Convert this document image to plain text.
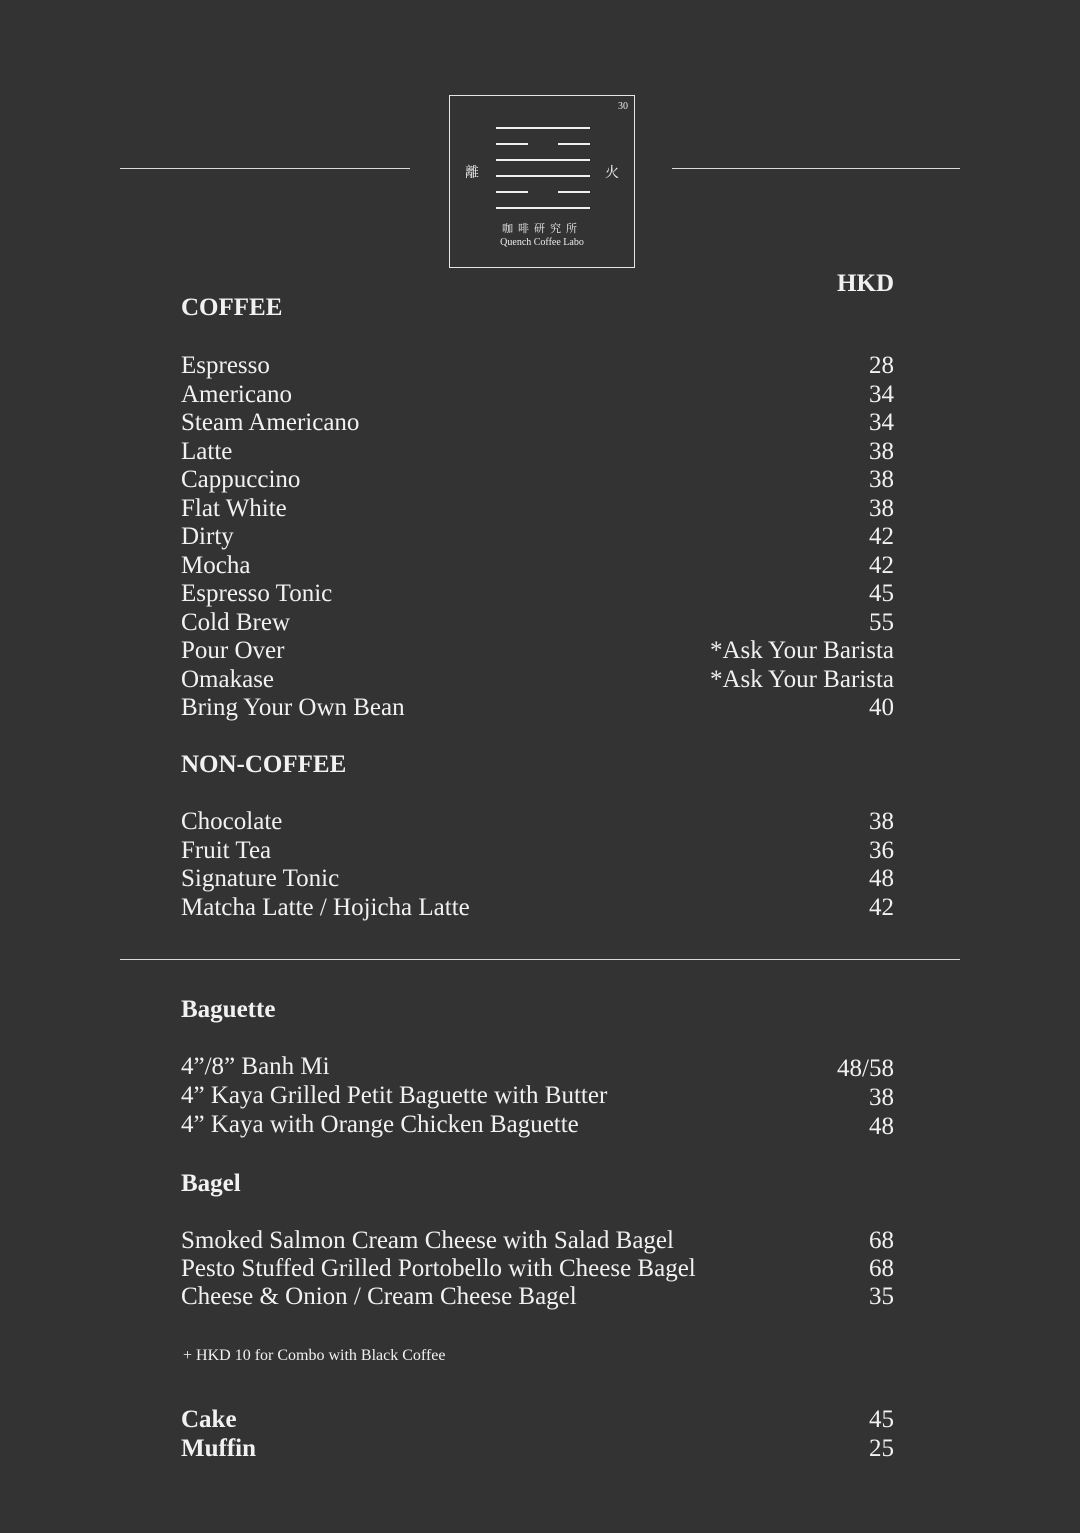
30
離	火
咖啡研究所
Quench Coffee Labo
HKD
COFFEE
Espresso	28
Americano	34
Steam Americano	34
Latte	38
Cappuccino	38
Flat White	38
Dirty	42
Mocha	42
Espresso Tonic	45
Cold Brew	55
Pour Over	*Ask Your Barista
Omakase	*Ask Your Barista
Bring Your Own Bean	40
NON-COFFEE
Chocolate	38
Fruit Tea	36
Signature Tonic	48
Matcha Latte / Hojicha Latte	42
Baguette
4”/8” Banh Mi	48/58
4” Kaya Grilled Petit Baguette with Butter	38
4” Kaya with Orange Chicken Baguette	48
Bagel
Smoked Salmon Cream Cheese with Salad Bagel	68
Pesto Stuffed Grilled Portobello with Cheese Bagel	68
Cheese & Onion / Cream Cheese Bagel	35
+ HKD 10 for Combo with Black Coffee
Cake	45
Muffin	25
